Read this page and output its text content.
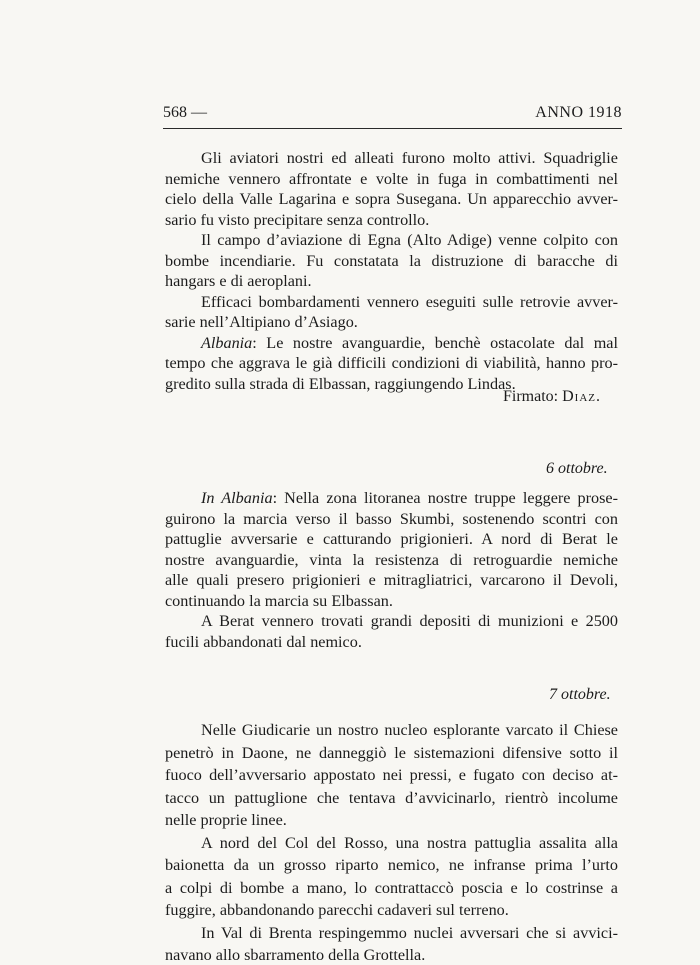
568 —	ANNO 1918
Gli aviatori nostri ed alleati furono molto attivi. Squadriglie
nemiche vennero affrontate e volte in fuga in combattimenti nel
cielo della Valle Lagarina e sopra Susegana. Un apparecchio avver-
sario fu visto precipitare senza controllo.
Il campo d’aviazione di Egna (Alto Adige) venne colpito con
bombe incendiarie. Fu constatata la distruzione di baracche di
hangars e di aeroplani.
Efficaci bombardamenti vennero eseguiti sulle retrovie avver-
sarie nell’Altipiano d’Asiago.
Albania: Le nostre avanguardie, benchè ostacolate dal mal
tempo che aggrava le già difficili condizioni di viabilità, hanno pro-
gredito sulla strada di Elbassan, raggiungendo Lindas.
In Albania: Nella zona litoranea nostre truppe leggere prose-
guirono la marcia verso il basso Skumbi, sostenendo scontri con
pattuglie avversarie e catturando prigionieri. A nord di Berat le
nostre avanguardie, vinta la resistenza di retroguardie nemiche
alle quali presero prigionieri e mitragliatrici, varcarono il Devoli,
continuando la marcia su Elbassan.
A Berat vennero trovati grandi depositi di munizioni e 2500
fucili abbandonati dal nemico.
Nelle Giudicarie un nostro nucleo esplorante varcato il Chiese
penetrò in Daone, ne danneggiò le sistemazioni difensive sotto il
fuoco dell’avversario appostato nei pressi, e fugato con deciso at-
tacco un pattuglione che tentava d’avvicinarlo, rientrò incolume
nelle proprie linee.
A nord del Col del Rosso, una nostra pattuglia assalita alla
baionetta da un grosso riparto nemico, ne infranse prima l’urto
a colpi di bombe a mano, lo contrattaccò poscia e lo costrinse a
fuggire, abbandonando parecchi cadaveri sul terreno.
In Val di Brenta respingemmo nuclei avversari che si avvici-
navano allo sbarramento della Grottella.
Firmato: Diaz.
6 ottobre.
7 ottobre.
